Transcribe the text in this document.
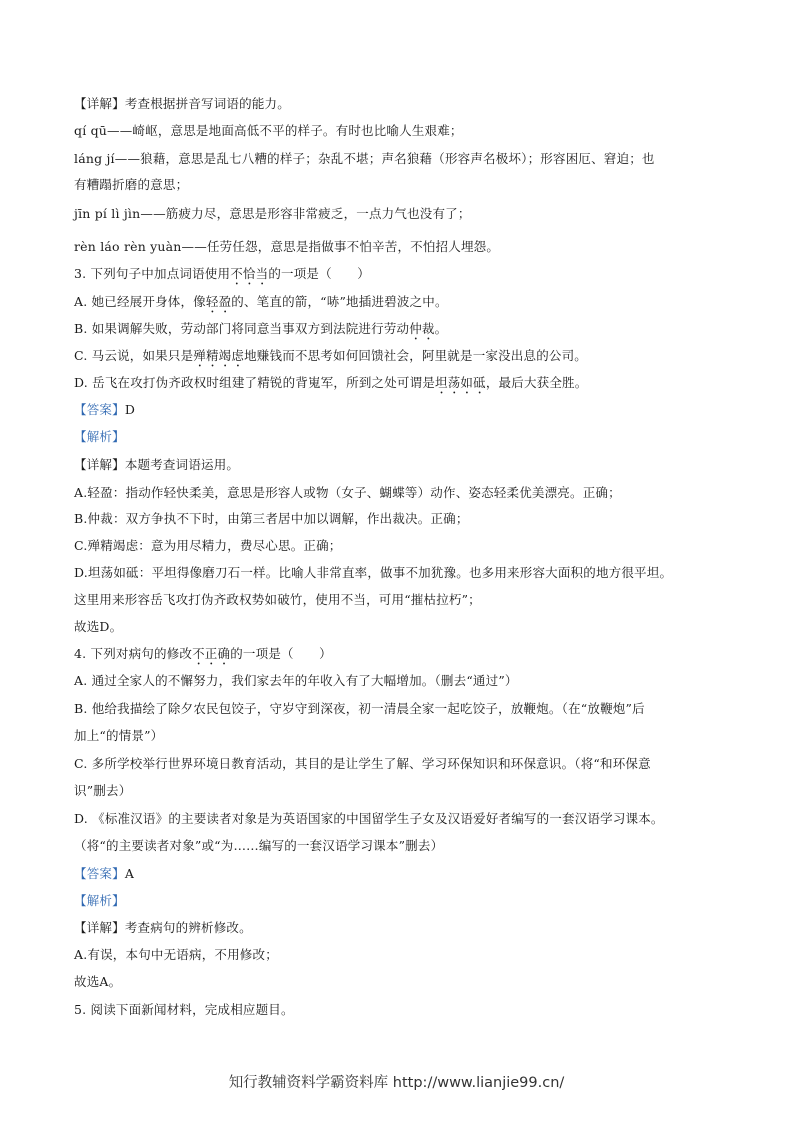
【详解】考查根据拼音写词语的能力。
qí qū——崎岖，意思是地面高低不平的样子。有时也比喻人生艰难；
láng jí——狼藉，意思是乱七八糟的样子；杂乱不堪；声名狼藉（形容声名极坏）；形容困厄、窘迫；也
有糟蹋折磨的意思；
jīn pí lì jìn——筋疲力尽，意思是形容非常疲乏，一点力气也没有了；
rèn láo rèn yuàn——任劳任怨，意思是指做事不怕辛苦，不怕招人埋怨。
3. 下列句子中加点词语使用不恰当的一项是（　　）
A. 她已经展开身体，像轻盈的、笔直的箭，“哧”地插进碧波之中。
B. 如果调解失败，劳动部门将同意当事双方到法院进行劳动仲裁。
C. 马云说，如果只是殚精竭虑地赚钱而不思考如何回馈社会，阿里就是一家没出息的公司。
D. 岳飞在攻打伪齐政权时组建了精锐的背嵬军，所到之处可谓是坦荡如砥，最后大获全胜。
【答案】D
【解析】
【详解】本题考查词语运用。
A.轻盈：指动作轻快柔美，意思是形容人或物（女子、蝴蝶等）动作、姿态轻柔优美漂亮。正确；
B.仲裁：双方争执不下时，由第三者居中加以调解，作出裁决。正确；
C.殚精竭虑：意为用尽精力，费尽心思。正确；
D.坦荡如砥：平坦得像磨刀石一样。比喻人非常直率，做事不加犹豫。也多用来形容大面积的地方很平坦。
这里用来形容岳飞攻打伪齐政权势如破竹，使用不当，可用“摧枯拉朽”；
故选D。
4. 下列对病句的修改不正确的一项是（　　）
A. 通过全家人的不懈努力，我们家去年的年收入有了大幅增加。（删去“通过”）
B. 他给我描绘了除夕农民包饺子，守岁守到深夜，初一清晨全家一起吃饺子，放鞭炮。（在“放鞭炮”后
加上“的情景”）
C. 多所学校举行世界环境日教育活动，其目的是让学生了解、学习环保知识和环保意识。（将“和环保意
识”删去）
D. 《标准汉语》的主要读者对象是为英语国家的中国留学生子女及汉语爱好者编写的一套汉语学习课本。
（将“的主要读者对象”或“为……编写的一套汉语学习课本”删去）
【答案】A
【解析】
【详解】考查病句的辨析修改。
A.有误，本句中无语病，不用修改；
故选A。
5. 阅读下面新闻材料，完成相应题目。
知行教辅资料学霸资料库 http://www.lianjie99.cn/
